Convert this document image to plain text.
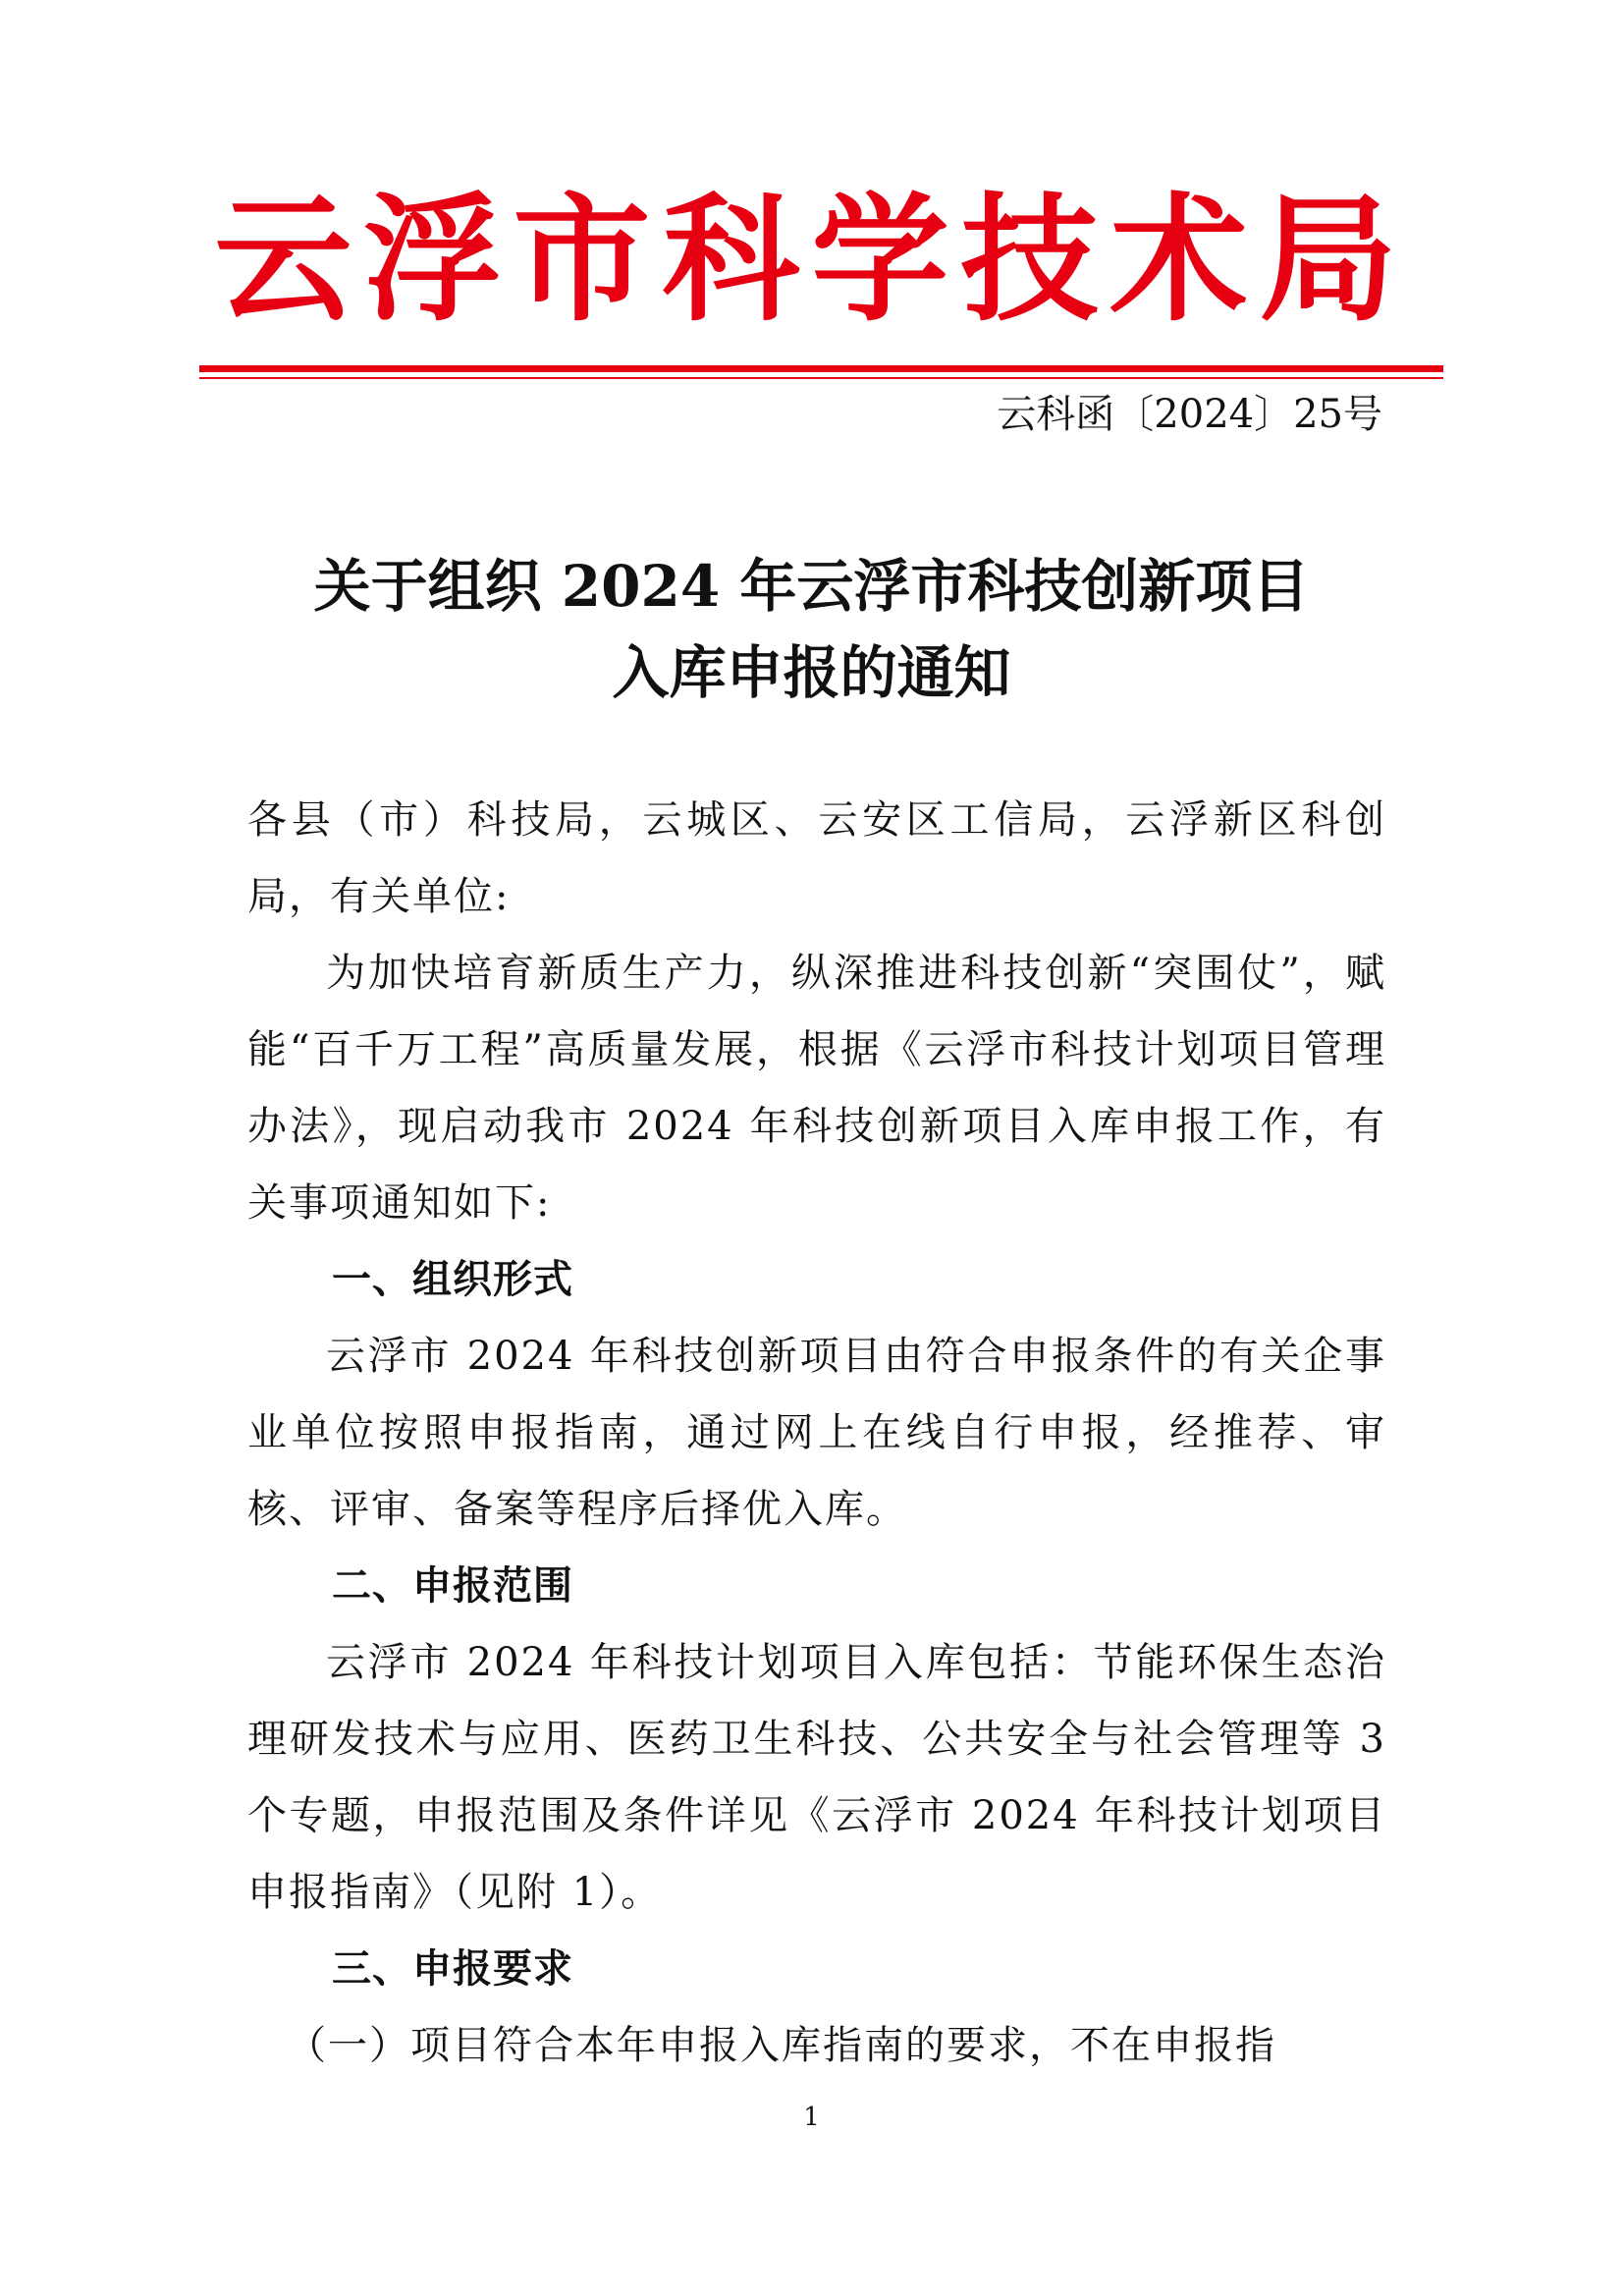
云浮市科学技术局
云科函〔2024〕25号
关于组织 2024 年云浮市科技创新项目
入库申报的通知

各县（市）科技局，云城区、云安区工信局，云浮新区科创局，有关单位:

为加快培育新质生产力，纵深推进科技创新“突围仗”，赋能“百千万工程”高质量发展，根据《云浮市科技计划项目管理办法》，现启动我市 2024 年科技创新项目入库申报工作，有关事项通知如下:

一、组织形式

云浮市 2024 年科技创新项目由符合申报条件的有关企事业单位按照申报指南，通过网上在线自行申报，经推荐、审核、评审、备案等程序后择优入库。

二、申报范围

云浮市 2024 年科技计划项目入库包括：节能环保生态治理研发技术与应用、医药卫生科技、公共安全与社会管理等 3 个专题，申报范围及条件详见《云浮市 2024 年科技计划项目申报指南》（见附 1）。

三、申报要求

（一）项目符合本年申报入库指南的要求，不在申报指

1
